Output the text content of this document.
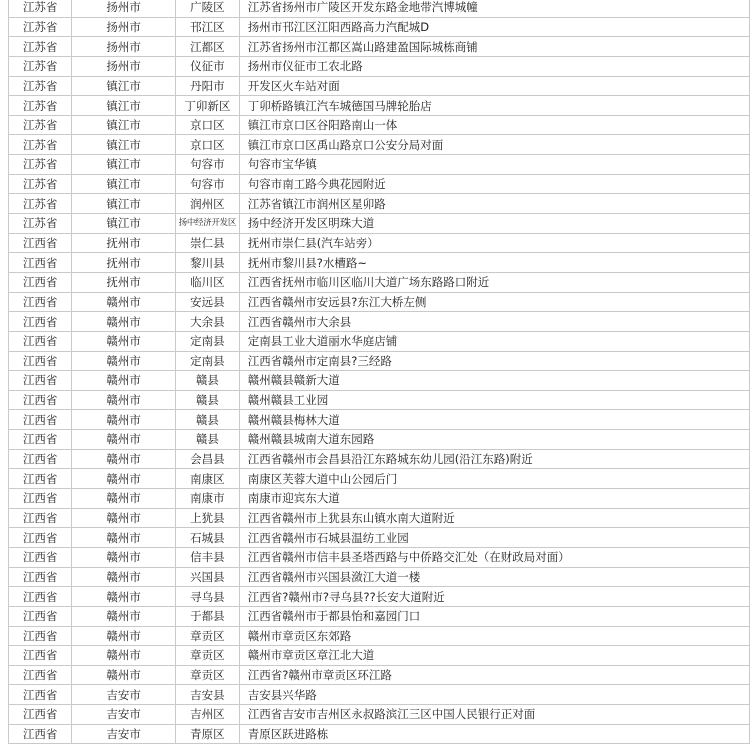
江苏省	扬州市	广陵区	江苏省扬州市广陵区开发东路金地带汽博城幢
江苏省	扬州市	邗江区	扬州市邗江区江阳西路高力汽配城D
江苏省	扬州市	江都区	江苏省扬州市江都区嵩山路建盈国际城栋商铺
江苏省	扬州市	仪征市	扬州市仪征市工农北路
江苏省	镇江市	丹阳市	开发区火车站对面
江苏省	镇江市	丁卯新区	丁卯桥路镇江汽车城德国马牌轮胎店
江苏省	镇江市	京口区	镇江市京口区谷阳路南山一体
江苏省	镇江市	京口区	镇江市京口区禹山路京口公安分局对面
江苏省	镇江市	句容市	句容市宝华镇
江苏省	镇江市	句容市	句容市南工路今典花园附近
江苏省	镇江市	润州区	江苏省镇江市润州区星卯路
江苏省	镇江市	扬中经济开发区	扬中经济开发区明珠大道
江西省	抚州市	崇仁县	抚州市崇仁县(汽车站旁）
江西省	抚州市	黎川县	抚州市黎川县?水槽路~
江西省	抚州市	临川区	江西省抚州市临川区临川大道广场东路路口附近
江西省	赣州市	安远县	江西省赣州市安远县?东江大桥左侧
江西省	赣州市	大余县	江西省赣州市大余县
江西省	赣州市	定南县	定南县工业大道丽水华庭店铺
江西省	赣州市	定南县	江西省赣州市定南县?三经路
江西省	赣州市	赣县	赣州赣县赣新大道
江西省	赣州市	赣县	赣州赣县工业园
江西省	赣州市	赣县	赣州赣县梅林大道
江西省	赣州市	赣县	赣州赣县城南大道东园路
江西省	赣州市	会昌县	江西省赣州市会昌县沿江东路城东幼儿园(沿江东路)附近
江西省	赣州市	南康区	南康区芙蓉大道中山公园后门
江西省	赣州市	南康市	南康市迎宾东大道
江西省	赣州市	上犹县	江西省赣州市上犹县东山镇水南大道附近
江西省	赣州市	石城县	江西省赣州市石城县温纺工业园
江西省	赣州市	信丰县	江西省赣州市信丰县圣塔西路与中侨路交汇处（在财政局对面）
江西省	赣州市	兴国县	江西省赣州市兴国县潋江大道一楼
江西省	赣州市	寻乌县	江西省?赣州市?寻乌县??长安大道附近
江西省	赣州市	于都县	江西省赣州市于都县怡和嘉园门口
江西省	赣州市	章贡区	赣州市章贡区东郊路
江西省	赣州市	章贡区	赣州市章贡区章江北大道
江西省	赣州市	章贡区	江西省?赣州市章贡区环江路
江西省	吉安市	吉安县	吉安县兴华路
江西省	吉安市	吉州区	江西省吉安市吉州区永叔路滨江三区中国人民银行正对面
江西省	吉安市	青原区	青原区跃进路栋
